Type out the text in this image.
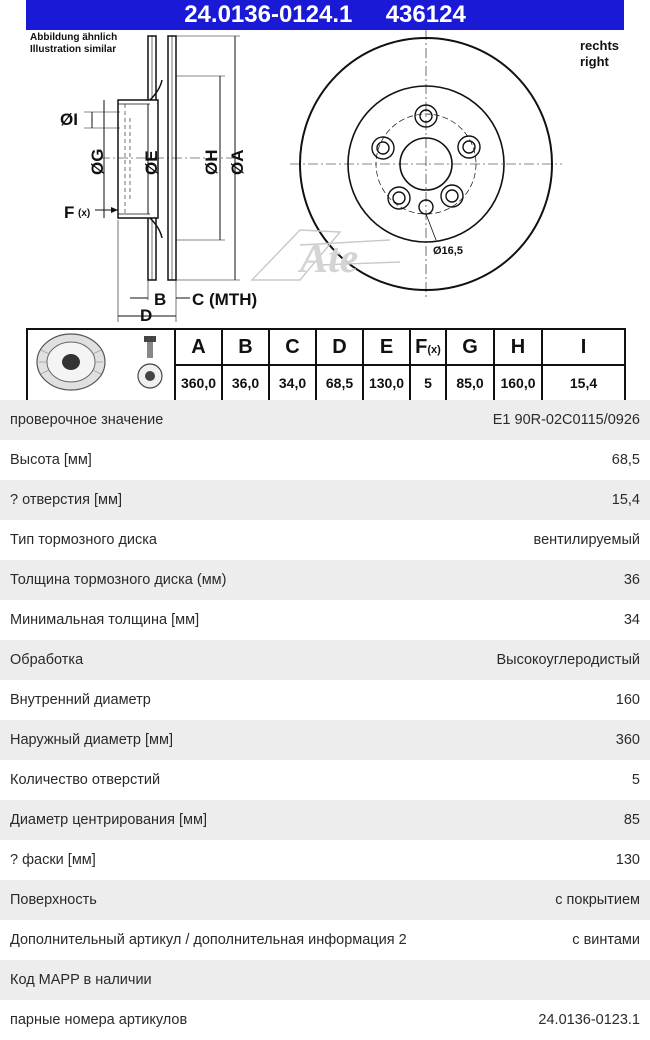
24.0136-0124.1 436124
Abbildung ähnlich
Illustration similar	rechts
right
ØI
ØG ØE ØH ØA
F (x)
B C (MTH)
D
Ate	Ø16,5
	A	B	C	D	E	F(x)	G	H	I
	360,0	36,0	34,0	68,5	130,0	5	85,0	160,0	15,4
проверочное значение	E1 90R-02C0115/0926
Высота [мм]	68,5
? отверстия [мм]	15,4
Тип тормозного диска	вентилируемый
Толщина тормозного диска (мм)	36
Минимальная толщина [мм]	34
Обработка	Высокоуглеродистый
Внутренний диаметр	160
Наружный диаметр [мм]	360
Количество отверстий	5
Диаметр центрирования [мм]	85
? фаски [мм]	130
Поверхность	с покрытием
Дополнительный артикул / дополнительная информация 2	с винтами
Код MAPP в наличии
парные номера артикулов	24.0136-0123.1
